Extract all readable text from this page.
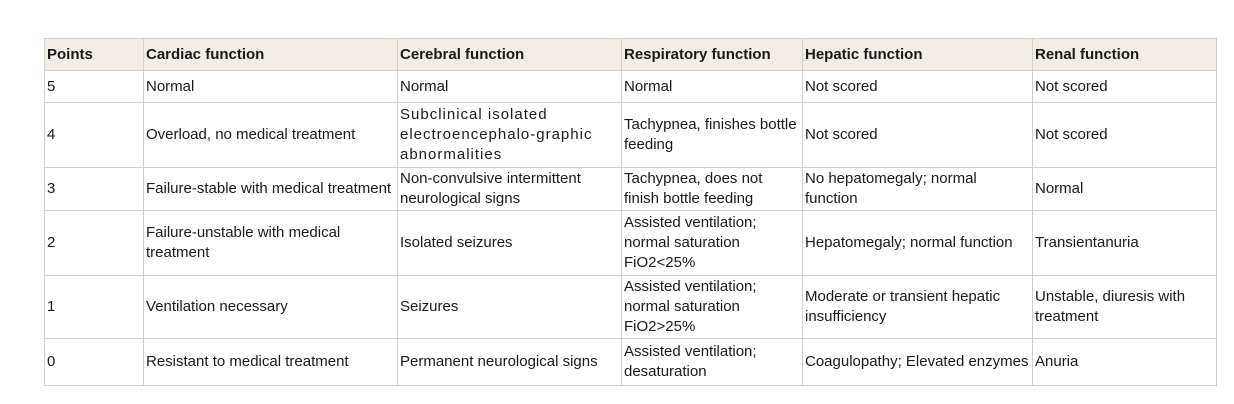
Points	Cardiac function	Cerebral function	Respiratory function	Hepatic function	Renal function
5	Normal	Normal	Normal	Not scored	Not scored
4	Overload, no medical treatment	Subclinical isolated electroencephalo-graphic abnormalities	Tachypnea, finishes bottle feeding	Not scored	Not scored
3	Failure-stable with medical treatment	Non-convulsive intermittent neurological signs	Tachypnea, does not finish bottle feeding	No hepatomegaly; normal function	Normal
2	Failure-unstable with medical treatment	Isolated seizures	Assisted ventilation; normal saturation FiO2<25%	Hepatomegaly; normal function	Transientanuria
1	Ventilation necessary	Seizures	Assisted ventilation; normal saturation FiO2>25%	Moderate or transient hepatic insufficiency	Unstable, diuresis with treatment
0	Resistant to medical treatment	Permanent neurological signs	Assisted ventilation; desaturation	Coagulopathy; Elevated enzymes	Anuria
